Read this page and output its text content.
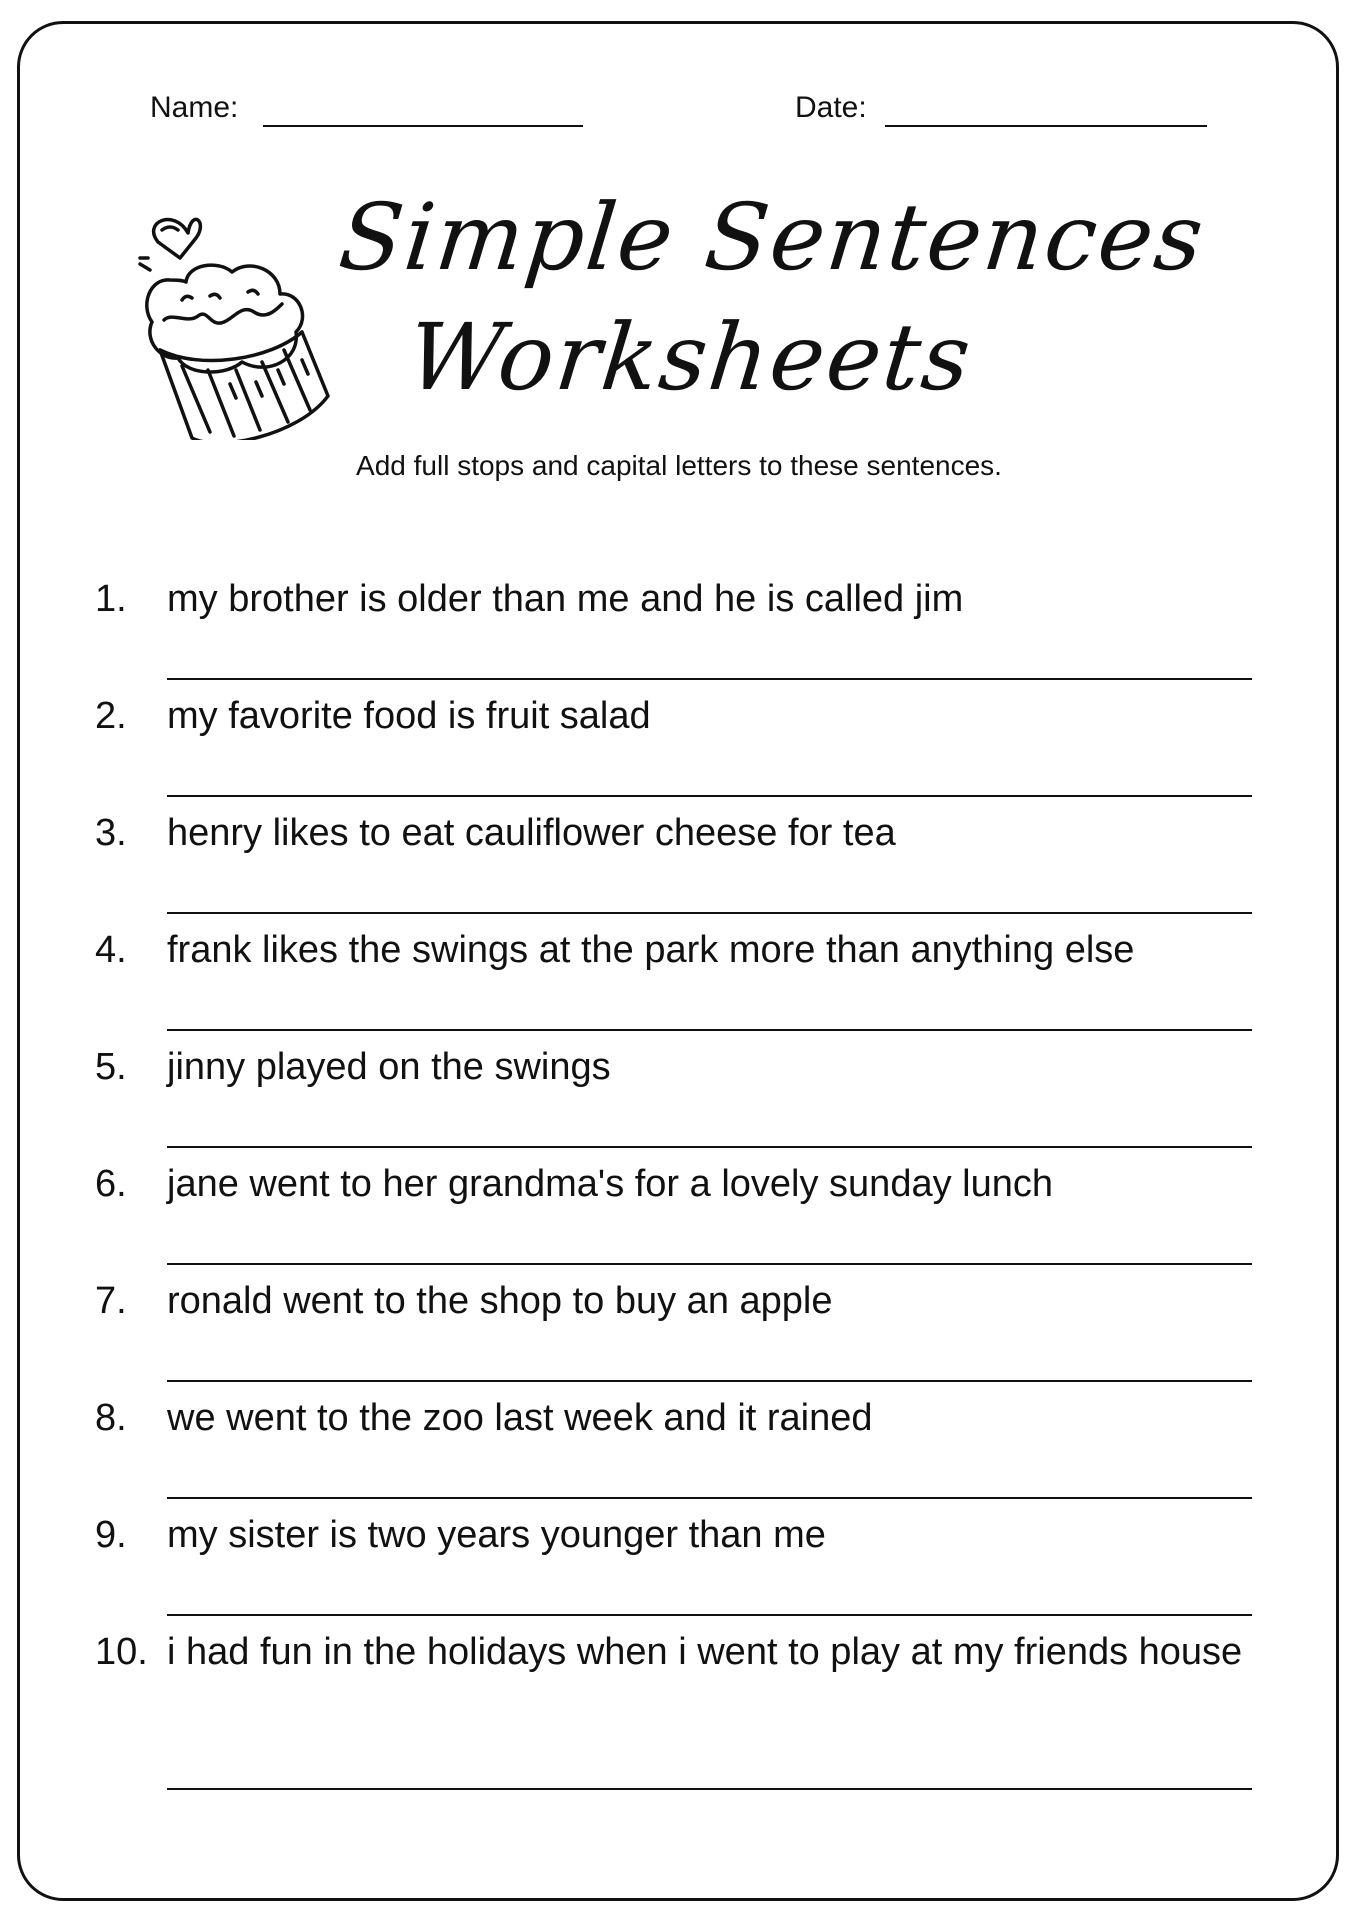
Name:	Date:
Simple Sentences
Worksheets
Add full stops and capital letters to these sentences.
1.	my brother is older than me and he is called jim
2.	my favorite food is fruit salad
3.	henry likes to eat cauliflower cheese for tea
4.	frank likes the swings at the park more than anything else
5.	jinny played on the swings
6.	jane went to her grandma's for a lovely sunday lunch
7.	ronald went to the shop to buy an apple
8.	we went to the zoo last week and it rained
9.	my sister is two years younger than me
10. i had fun in the holidays when i went to play at my friends house
